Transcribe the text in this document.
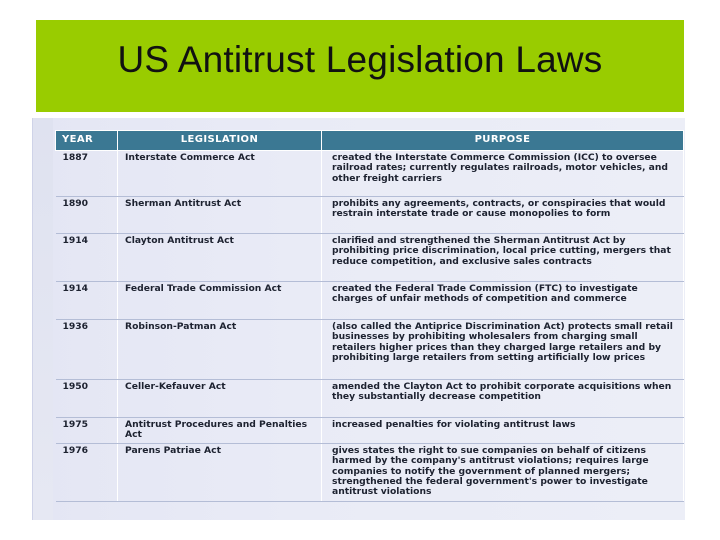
US Antitrust Legislation Laws
YEAR	LEGISLATION	PURPOSE
1887	Interstate Commerce Act	created the Interstate Commerce Commission (ICC) to oversee railroad rates; currently regulates railroads, motor vehicles, and other freight carriers
1890	Sherman Antitrust Act	prohibits any agreements, contracts, or conspiracies that would restrain interstate trade or cause monopolies to form
1914	Clayton Antitrust Act	clarified and strengthened the Sherman Antitrust Act by prohibiting price discrimination, local price cutting, mergers that reduce competition, and exclusive sales contracts
1914	Federal Trade Commission Act	created the Federal Trade Commission (FTC) to investigate charges of unfair methods of competition and commerce
1936	Robinson-Patman Act	(also called the Antiprice Discrimination Act) protects small retail businesses by prohibiting wholesalers from charging small retailers higher prices than they charged large retailers and by prohibiting large retailers from setting artificially low prices
1950	Celler-Kefauver Act	amended the Clayton Act to prohibit corporate acquisitions when they substantially decrease competition
1975	Antitrust Procedures and Penalties Act	increased penalties for violating antitrust laws
1976	Parens Patriae Act	gives states the right to sue companies on behalf of citizens harmed by the company's antitrust violations; requires large companies to notify the government of planned mergers; strengthened the federal government's power to investigate antitrust violations
